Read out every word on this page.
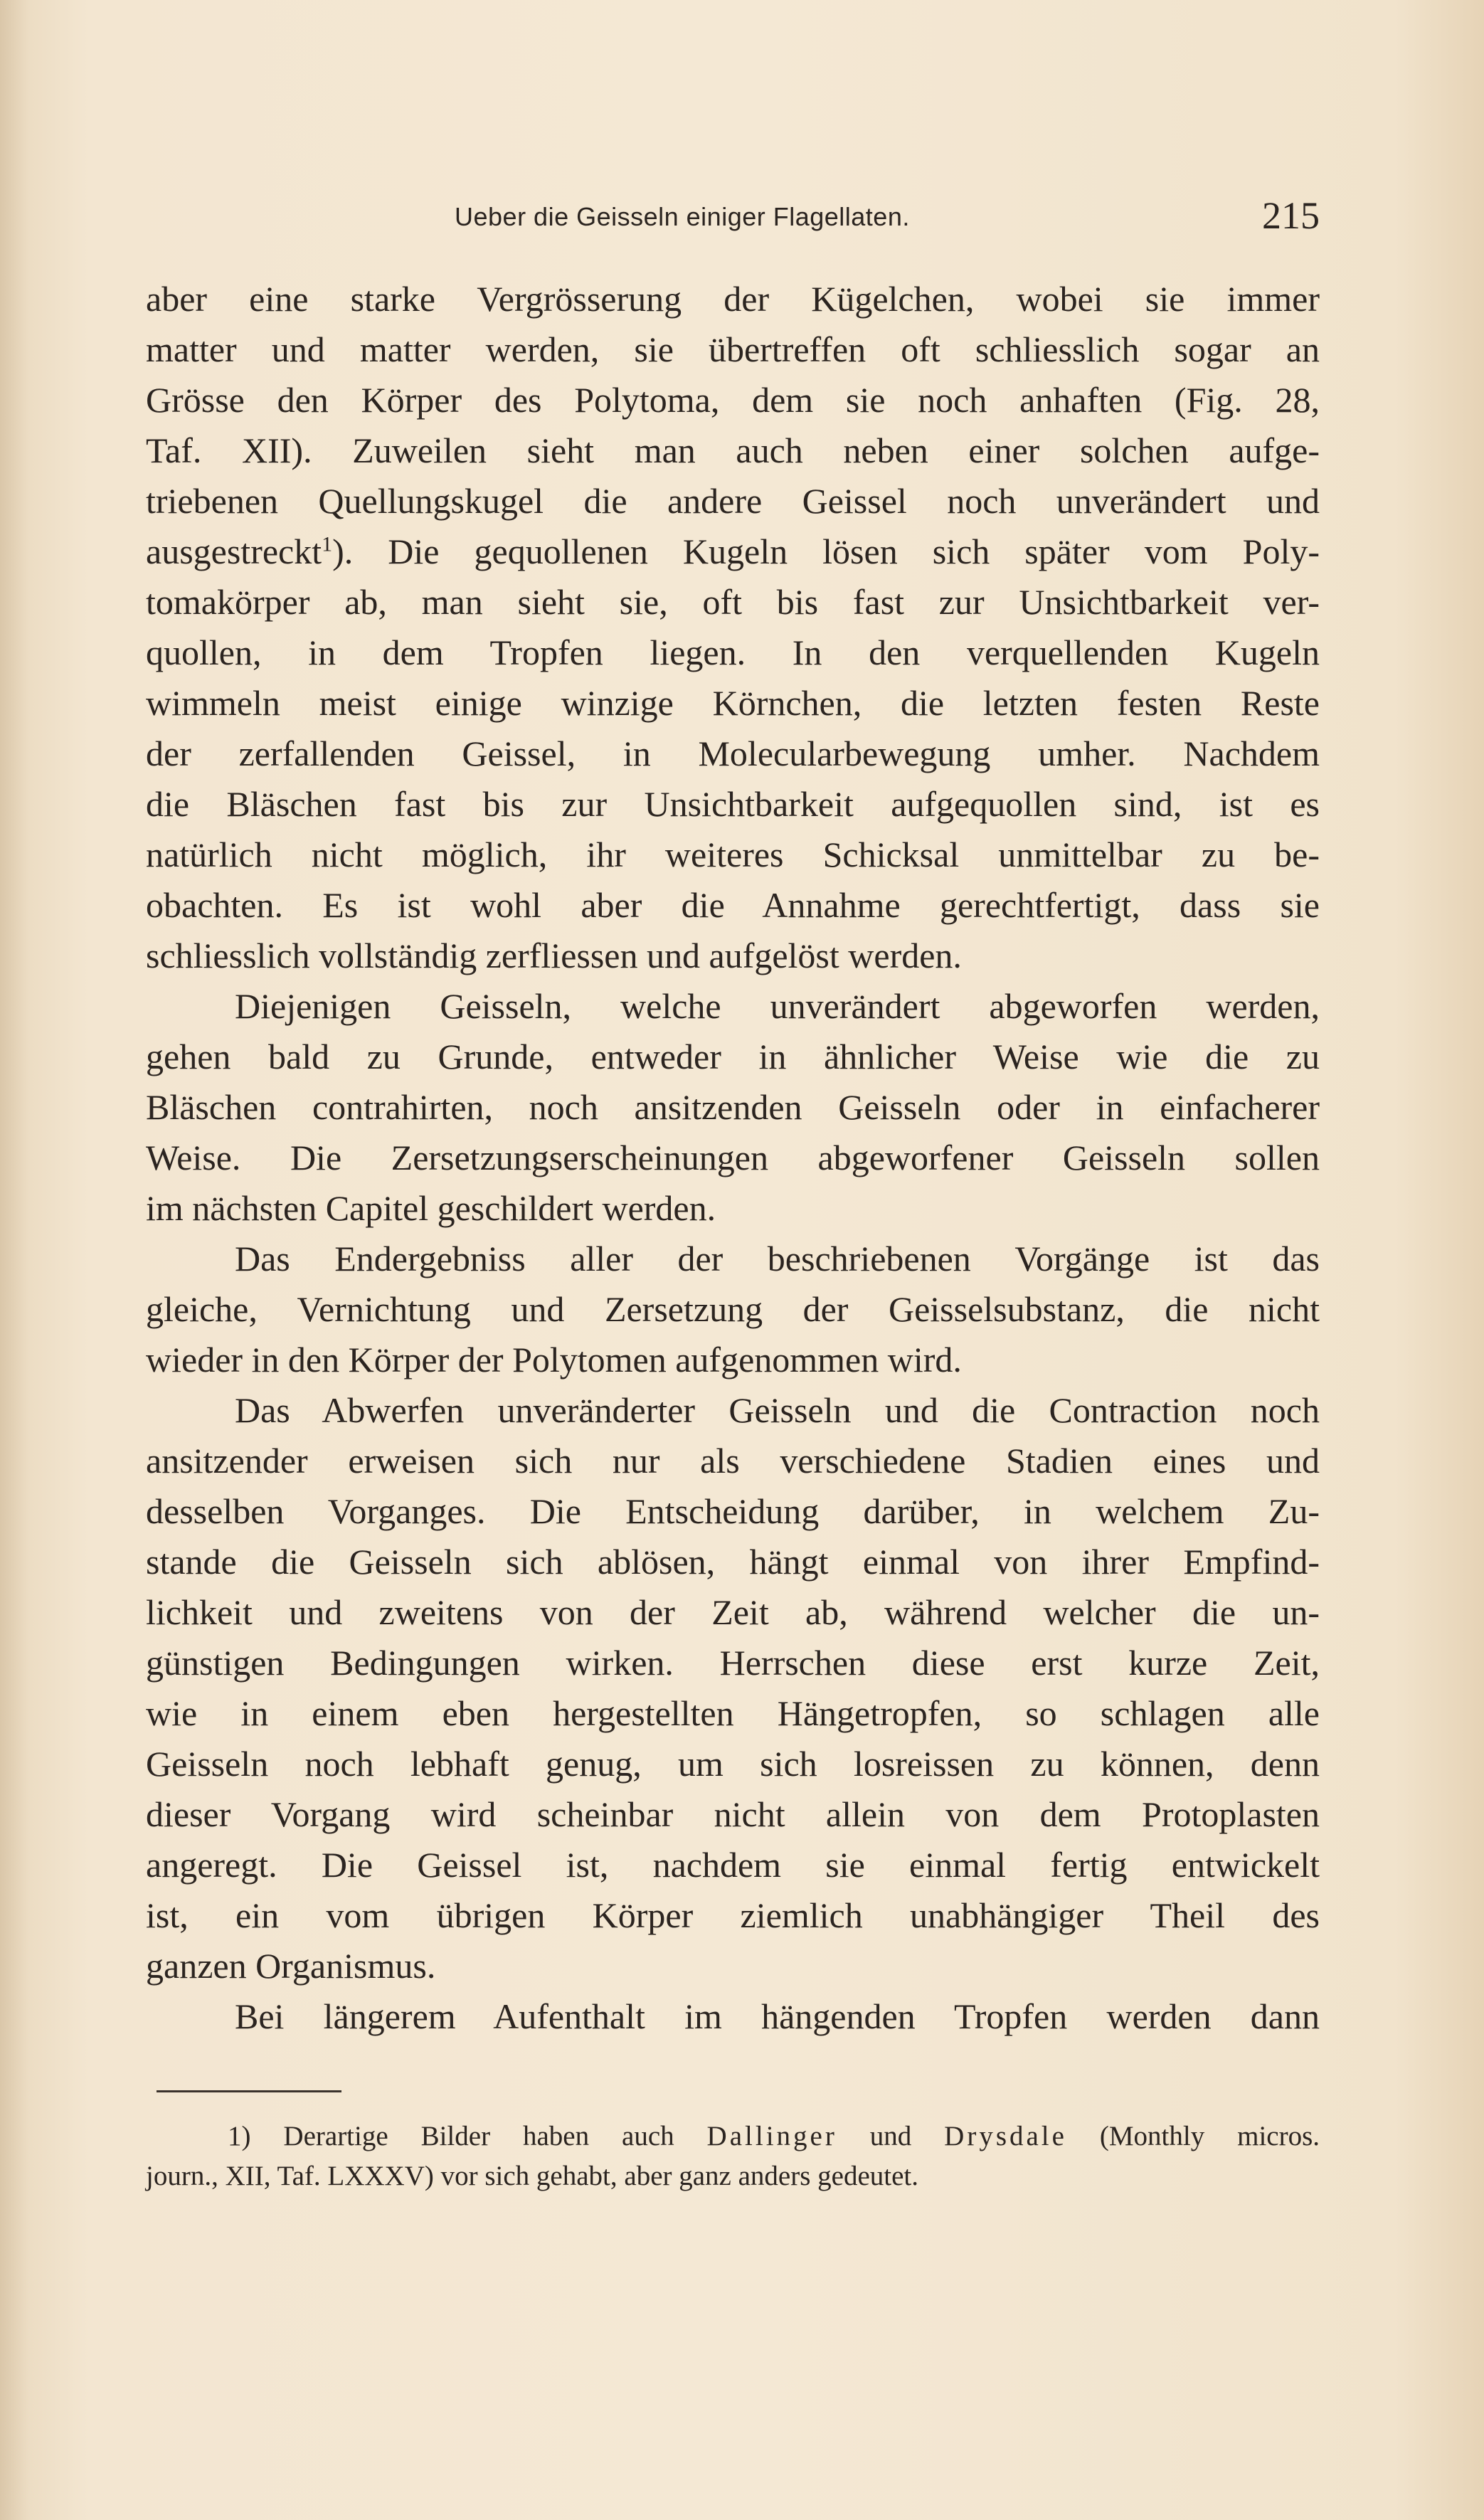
Ueber die Geisseln einiger Flagellaten.	215

aber eine starke Vergrösserung der Kügelchen, wobei sie immer

matter und matter werden, sie übertreffen oft schliesslich sogar an

Grösse den Körper des Polytoma, dem sie noch anhaften (Fig. 28,

Taf. XII). Zuweilen sieht man auch neben einer solchen aufge-

triebenen Quellungskugel die andere Geissel noch unverändert und

ausgestreckt$^1$). Die gequollenen Kugeln lösen sich später vom Poly-

tomakörper ab, man sieht sie, oft bis fast zur Unsichtbarkeit ver-

quollen, in dem Tropfen liegen. In den verquellenden Kugeln

wimmeln meist einige winzige Körnchen, die letzten festen Reste

der zerfallenden Geissel, in Molecularbewegung umher. Nachdem

die Bläschen fast bis zur Unsichtbarkeit aufgequollen sind, ist es

natürlich nicht möglich, ihr weiteres Schicksal unmittelbar zu be-

obachten. Es ist wohl aber die Annahme gerechtfertigt, dass sie

schliesslich vollständig zerfliessen und aufgelöst werden.

Diejenigen Geisseln, welche unverändert abgeworfen werden,

gehen bald zu Grunde, entweder in ähnlicher Weise wie die zu

Bläschen contrahirten, noch ansitzenden Geisseln oder in einfacherer

Weise. Die Zersetzungserscheinungen abgeworfener Geisseln sollen

im nächsten Capitel geschildert werden.

Das Endergebniss aller der beschriebenen Vorgänge ist das

gleiche, Vernichtung und Zersetzung der Geisselsubstanz, die nicht

wieder in den Körper der Polytomen aufgenommen wird.

Das Abwerfen unveränderter Geisseln und die Contraction noch

ansitzender erweisen sich nur als verschiedene Stadien eines und

desselben Vorganges. Die Entscheidung darüber, in welchem Zu-

stande die Geisseln sich ablösen, hängt einmal von ihrer Empfind-

lichkeit und zweitens von der Zeit ab, während welcher die un-

günstigen Bedingungen wirken. Herrschen diese erst kurze Zeit,

wie in einem eben hergestellten Hängetropfen, so schlagen alle

Geisseln noch lebhaft genug, um sich losreissen zu können, denn

dieser Vorgang wird scheinbar nicht allein von dem Protoplasten

angeregt. Die Geissel ist, nachdem sie einmal fertig entwickelt

ist, ein vom übrigen Körper ziemlich unabhängiger Theil des

ganzen Organismus.

Bei längerem Aufenthalt im hängenden Tropfen werden dann

1) Derartige Bilder haben auch Dallinger und Drysdale (Monthly micros.

journ., XII, Taf. LXXXV) vor sich gehabt, aber ganz anders gedeutet.
